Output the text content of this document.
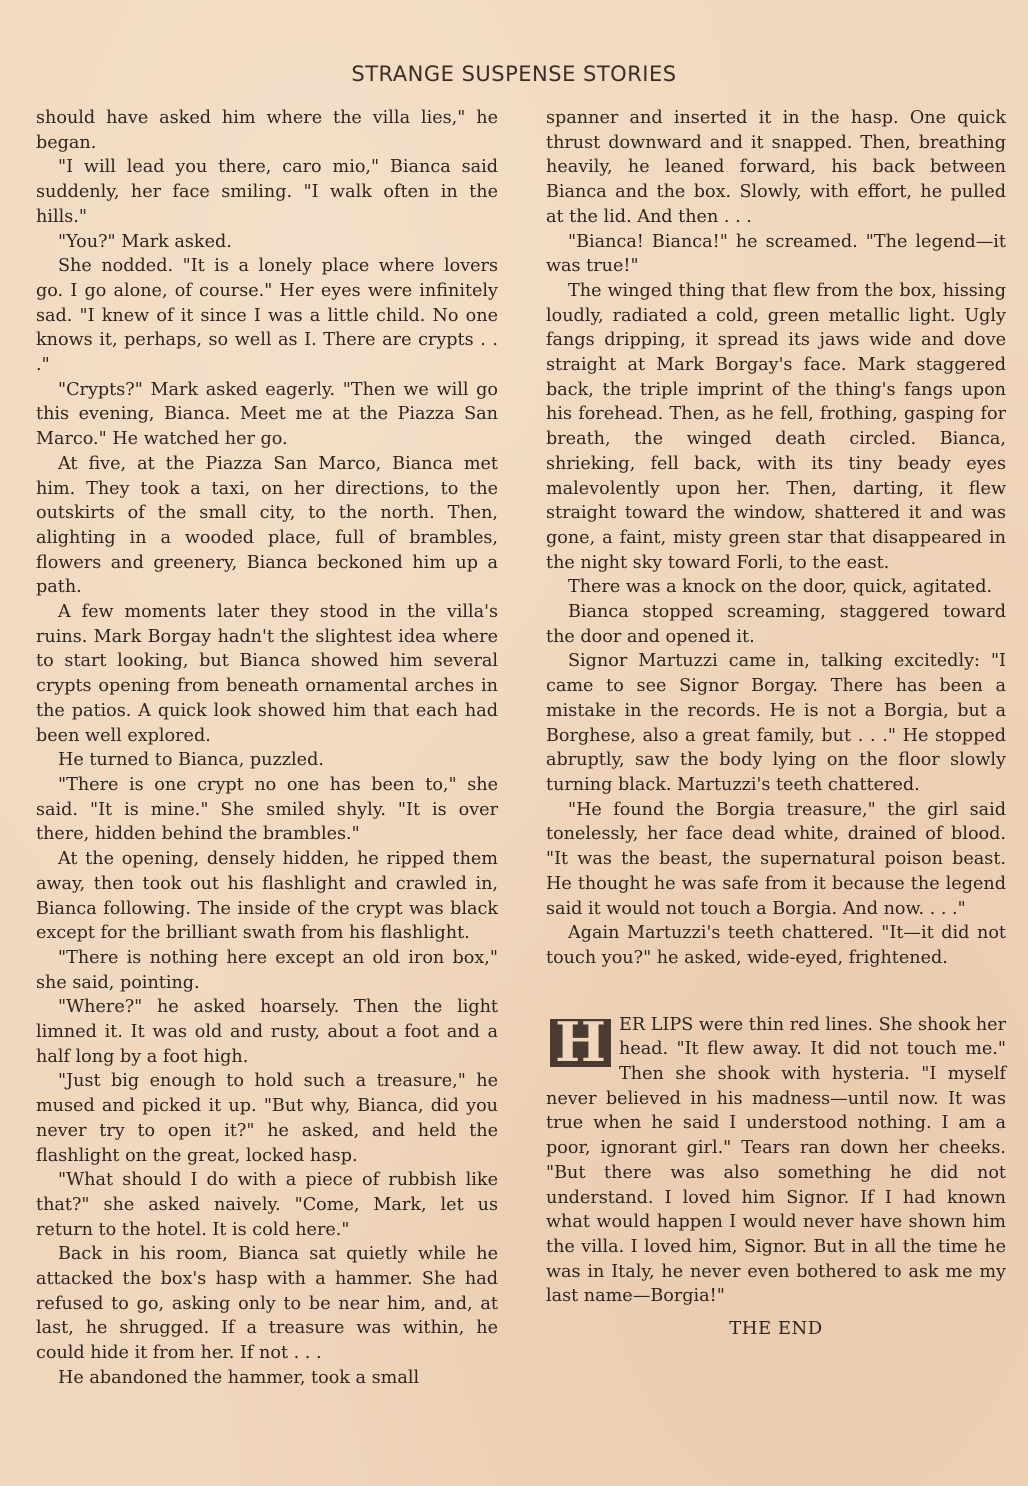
STRANGE SUSPENSE STORIES

should have asked him where the villa lies," he began.

"I will lead you there, caro mio," Bianca said suddenly, her face smiling. "I walk often in the hills."

"You?" Mark asked.

She nodded. "It is a lonely place where lovers go. I go alone, of course." Her eyes were infinitely sad. "I knew of it since I was a little child. No one knows it, perhaps, so well as I. There are crypts . . ."

"Crypts?" Mark asked eagerly. "Then we will go this evening, Bianca. Meet me at the Piazza San Marco." He watched her go.

At five, at the Piazza San Marco, Bianca met him. They took a taxi, on her directions, to the outskirts of the small city, to the north. Then, alighting in a wooded place, full of brambles, flowers and greenery, Bianca beckoned him up a path.

A few moments later they stood in the villa's ruins. Mark Borgay hadn't the slightest idea where to start looking, but Bianca showed him several crypts opening from beneath ornamental arches in the patios. A quick look showed him that each had been well explored.

He turned to Bianca, puzzled.

"There is one crypt no one has been to," she said. "It is mine." She smiled shyly. "It is over there, hidden behind the brambles."

At the opening, densely hidden, he ripped them away, then took out his flashlight and crawled in, Bianca following. The inside of the crypt was black except for the brilliant swath from his flashlight.

"There is nothing here except an old iron box," she said, pointing.

"Where?" he asked hoarsely. Then the light limned it. It was old and rusty, about a foot and a half long by a foot high.

"Just big enough to hold such a treasure," he mused and picked it up. "But why, Bianca, did you never try to open it?" he asked, and held the flashlight on the great, locked hasp.

"What should I do with a piece of rubbish like that?" she asked naively. "Come, Mark, let us return to the hotel. It is cold here."

Back in his room, Bianca sat quietly while he attacked the box's hasp with a hammer. She had refused to go, asking only to be near him, and, at last, he shrugged. If a treasure was within, he could hide it from her. If not . . .

He abandoned the hammer, took a small

spanner and inserted it in the hasp. One quick thrust downward and it snapped. Then, breathing heavily, he leaned forward, his back between Bianca and the box. Slowly, with effort, he pulled at the lid. And then . . .

"Bianca! Bianca!" he screamed. "The legend—it was true!"

The winged thing that flew from the box, hissing loudly, radiated a cold, green metallic light. Ugly fangs dripping, it spread its jaws wide and dove straight at Mark Borgay's face. Mark staggered back, the triple imprint of the thing's fangs upon his forehead. Then, as he fell, frothing, gasping for breath, the winged death circled. Bianca, shrieking, fell back, with its tiny beady eyes malevolently upon her. Then, darting, it flew straight toward the window, shattered it and was gone, a faint, misty green star that disappeared in the night sky toward Forli, to the east.

There was a knock on the door, quick, agitated.

Bianca stopped screaming, staggered toward the door and opened it.

Signor Martuzzi came in, talking excitedly: "I came to see Signor Borgay. There has been a mistake in the records. He is not a Borgia, but a Borghese, also a great family, but . . ." He stopped abruptly, saw the body lying on the floor slowly turning black. Martuzzi's teeth chattered.

"He found the Borgia treasure," the girl said tonelessly, her face dead white, drained of blood. "It was the beast, the supernatural poison beast. He thought he was safe from it because the legend said it would not touch a Borgia. And now. . . ."

Again Martuzzi's teeth chattered. "It—it did not touch you?" he asked, wide-eyed, frightened.

H ER LIPS were thin red lines. She shook her head. "It flew away. It did not touch me." Then she shook with hysteria. "I myself never believed in his madness—until now. It was true when he said I understood nothing. I am a poor, ignorant girl." Tears ran down her cheeks. "But there was also something he did not understand. I loved him Signor. If I had known what would happen I would never have shown him the villa. I loved him, Signor. But in all the time he was in Italy, he never even bothered to ask me my last name—Borgia!"

THE END
